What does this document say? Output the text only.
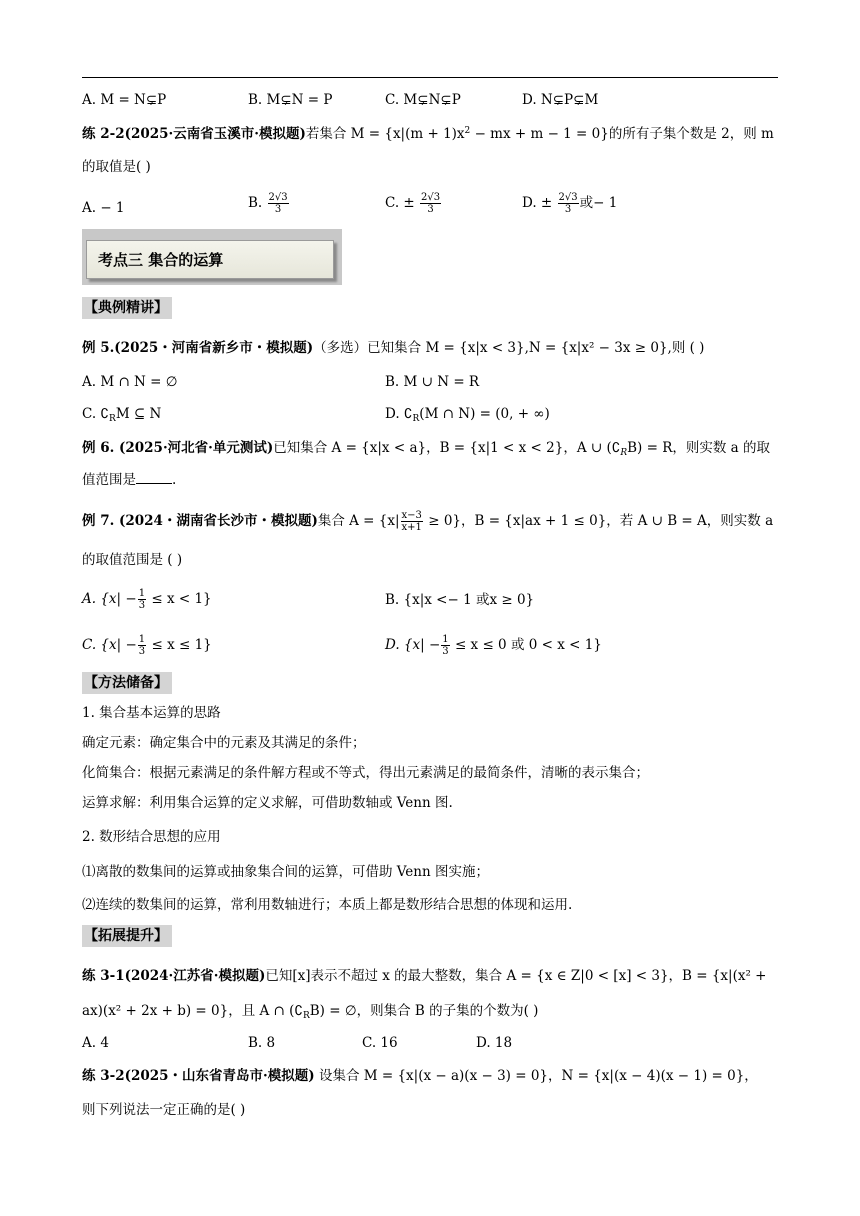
A. M = N⊊P	B. M⊊N = P	C. M⊊N⊊P	D. N⊊P⊊M
练 2-2(2025·云南省玉溪市·模拟题)若集合 $M = \{x|(m + 1)x^2$ − mx + m − 1 = 0}的所有子集个数是 2，则 m
的取值是( )
A. − 1	B. $\frac{2√3}{3}$	C. ± $\frac{2√3}{3}$	D. ± $\frac{2√3}{3}$ 或− 1
考点三 集合的运算
【典例精讲】
例 5.(2025・河南省新乡市・模拟题)（多选）已知集合 M = {x|x < 3},N = {x|x² − 3x ≥ 0},则 ( )
A. M ∩ N = ∅	B. M ∪ N = R
C. $∁_RM$ ⊆ N	D. $∁_R(M$ ∩ N) = (0, + ∞)
例 6. (2025·河北省·单元测试)已知集合 A = {x|x < a}，B = {x|1 < x < 2}，A ∪ $(∁_RB) = R$，则实数 a 的取
值范围是	.
例 7. (2024・湖南省长沙市・模拟题)集合 $A = \{x| \frac{x-3}{x+1} \ge 0\}$，B = {x|ax + 1 ≤ 0}，若 A ∪ B = A，则实数 a
的取值范围是 ( )
A. $\{x| - \frac{1}{3} \le x < 1\}$	B. {x|x <− 1 或x ≥ 0}
C. $\{x| - \frac{1}{3} \le x \le 1\}$	D. {$x| - \frac{1}{3} \le x \le 0$ 或 0 < x < 1}
【方法储备】
1. 集合基本运算的思路
确定元素：确定集合中的元素及其满足的条件；
化简集合：根据元素满足的条件解方程或不等式，得出元素满足的最简条件，清晰的表示集合；
运算求解：利用集合运算的定义求解，可借助数轴或 Venn 图.
2. 数形结合思想的应用
⑴离散的数集间的运算或抽象集合间的运算，可借助 Venn 图实施；
⑵连续的数集间的运算，常利用数轴进行；本质上都是数形结合思想的体现和运用.
【拓展提升】
练 3-1(2024·江苏省·模拟题)已知[x]表示不超过 x 的最大整数，集合 A = {x ∈ Z|0 < [x] < 3}，B = {x|(x² +
ax)(x² + 2x + b) = 0}，且 A ∩ $(∁_RB)$ = ∅，则集合 B 的子集的个数为( )
A. 4	B. 8	C. 16	D. 18
练 3-2(2025・山东省青岛市·模拟题) 设集合 M = {x|(x − a)(x − 3) = 0}，N = {x|(x − 4)(x − 1) = 0}，
则下列说法一定正确的是( )
